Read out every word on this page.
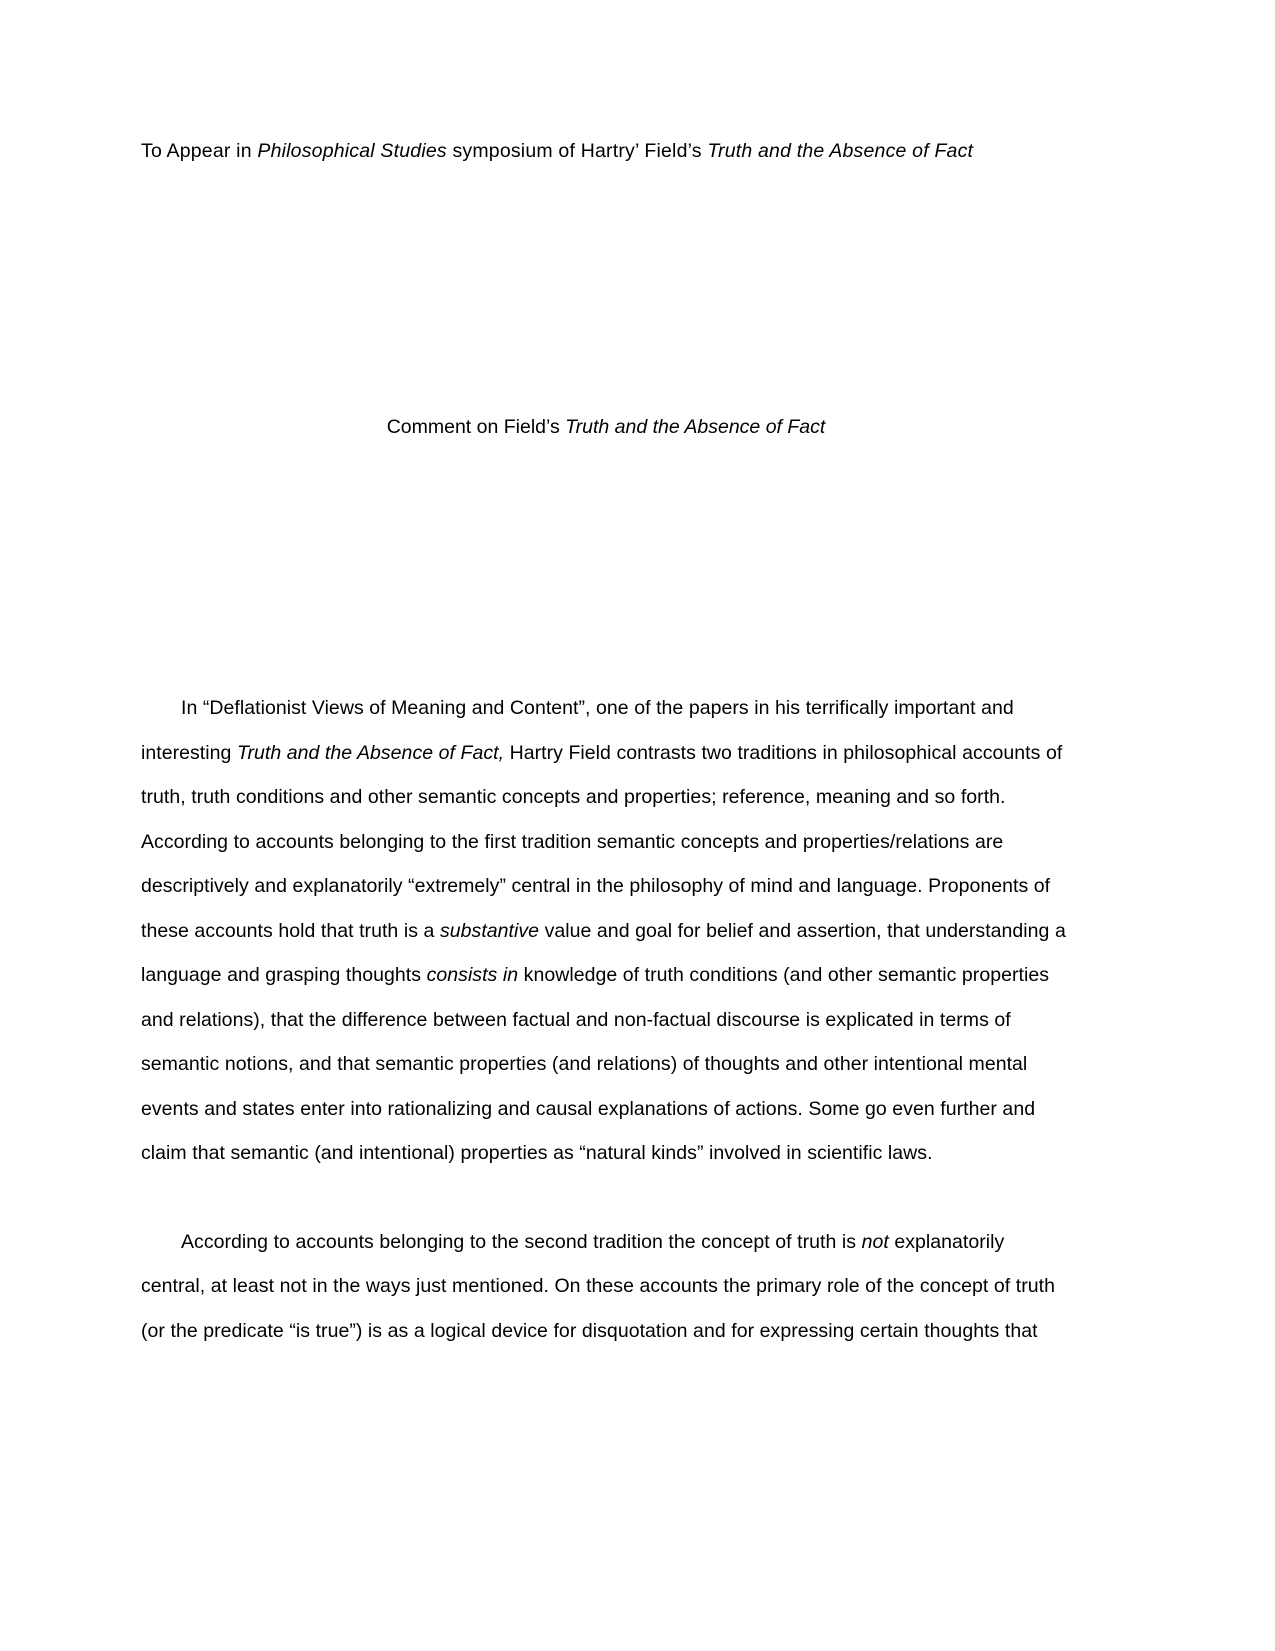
To Appear in Philosophical Studies symposium of Hartry’ Field’s Truth and the Absence of Fact
Comment on Field’s Truth and the Absence of Fact

In “Deflationist Views of Meaning and Content”, one of the papers in his terrifically important and interesting Truth and the Absence of Fact, Hartry Field contrasts two traditions in philosophical accounts of truth, truth conditions and other semantic concepts and properties; reference, meaning and so forth. According to accounts belonging to the first tradition semantic concepts and properties/relations are descriptively and explanatorily “extremely” central in the philosophy of mind and language. Proponents of these accounts hold that truth is a substantive value and goal for belief and assertion, that understanding a language and grasping thoughts consists in knowledge of truth conditions (and other semantic properties and relations), that the difference between factual and non-factual discourse is explicated in terms of semantic notions, and that semantic properties (and relations) of thoughts and other intentional mental events and states enter into rationalizing and causal explanations of actions. Some go even further and claim that semantic (and intentional) properties as “natural kinds” involved in scientific laws.

According to accounts belonging to the second tradition the concept of truth is not explanatorily central, at least not in the ways just mentioned. On these accounts the primary role of the concept of truth (or the predicate “is true”) is as a logical device for disquotation and for expressing certain thoughts that
